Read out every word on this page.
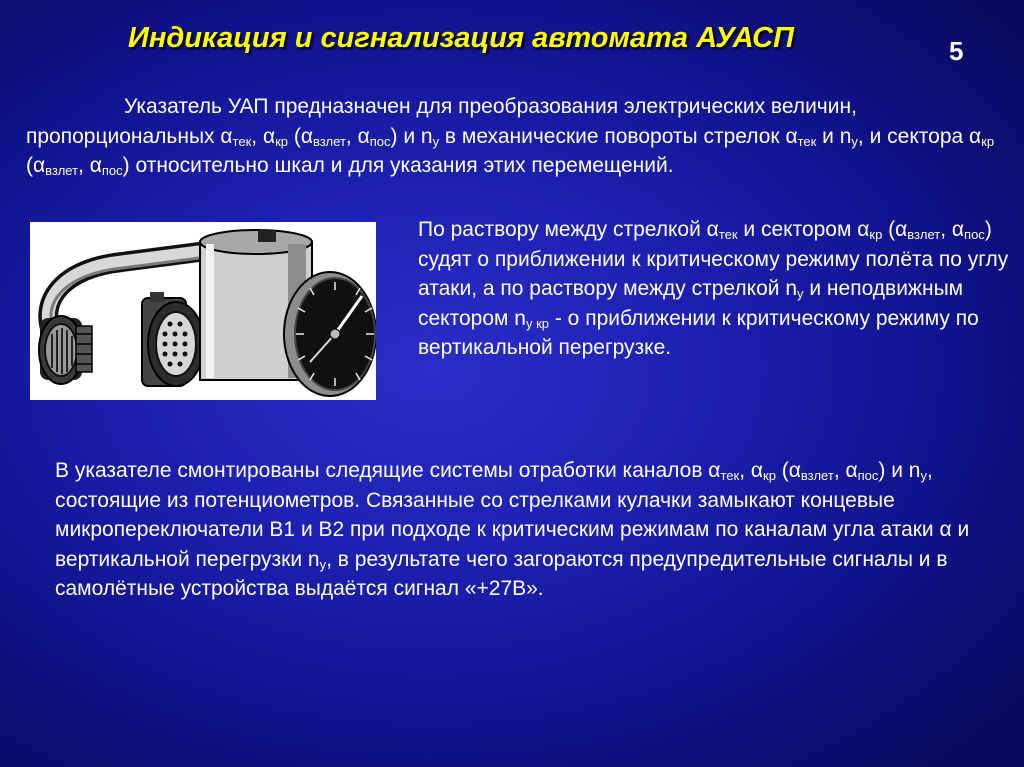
Индикация и сигнализация автомата АУАСП	5

Указатель УАП предназначен для преобразования электрических величин, пропорциональных $\alpha_{тек}$, $\alpha_{кр}$ ($\alpha_{взлет}$, $\alpha_{пос}$) и $n_y$ в механические повороты стрелок $\alpha_{тек}$ и $n_y$, и сектора $\alpha_{кр}$ ($\alpha_{взлет}$, $\alpha_{пос}$) относительно шкал и для указания этих перемещений.

По раствору между стрелкой $\alpha_{тек}$ и сектором $\alpha_{кр}$ ($\alpha_{взлет}$, $\alpha_{пос}$) судят о приближении к критическому режиму полёта по углу атаки, а по раствору между стрелкой $n_y$ и неподвижным сектором $n_{y кр}$ - о приближении к критическому режиму по вертикальной перегрузке.

В указателе смонтированы следящие системы отработки каналов $\alpha_{тек}$, $\alpha_{кр}$ ($\alpha_{взлет}$, $\alpha_{пос}$) и $n_y$, состоящие из потенциометров. Связанные со стрелками кулачки замыкают концевые микропереключатели В1 и В2 при подходе к критическим режимам по каналам угла атаки α и вертикальной перегрузки $n_y$, в результате чего загораются предупредительные сигналы и в самолётные устройства выдаётся сигнал «+27В».
